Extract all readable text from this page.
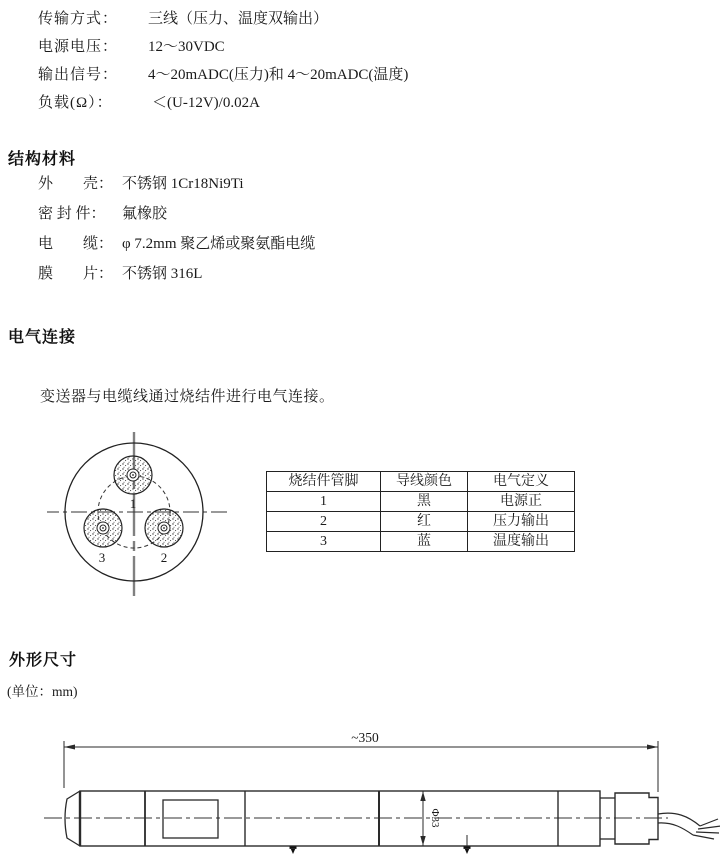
传输方式：	三线（压力、温度双输出）
电源电压：	12～30VDC
输出信号：	4～20mADC(压力)和 4～20mADC(温度)
负载(Ω）：	＜(U-12V)/0.02A
结构材料
外　　壳： 不锈钢 1Cr18Ni9Ti
密 封 件：	氟橡胶
电　　缆： φ 7.2mm 聚乙烯或聚氨酯电缆
膜　　片： 不锈钢 316L
电气连接
变送器与电缆线通过烧结件进行电气连接。
1
3	2
烧结件管脚	导线颜色	电气定义
1	黑	电源正
2	红	压力输出
3	蓝	温度输出
外形尺寸
(单位：mm)
~350
Φ33
